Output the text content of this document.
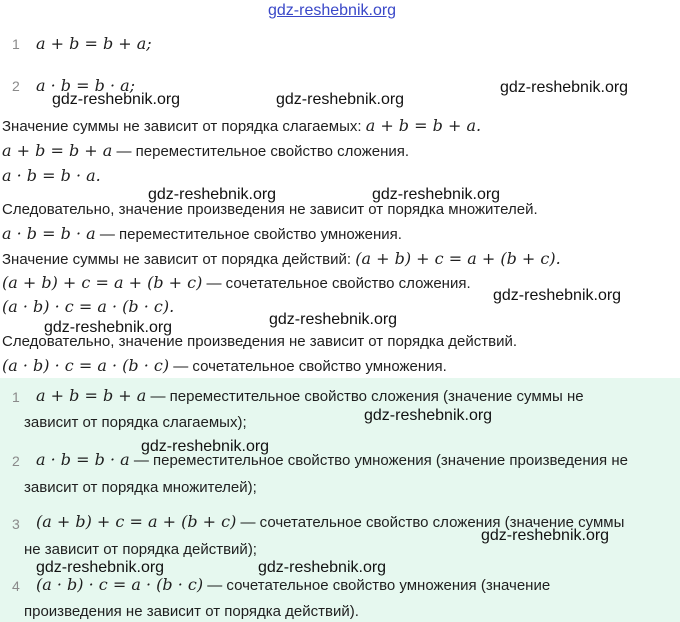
gdz-reshebnik.org
1 a + b = b + a;
2 a · b = b · a;
Значение суммы не зависит от порядка слагаемых: a + b = b + a.
a + b = b + a — переместительное свойство сложения.
a · b = b · a.
Следовательно, значение произведения не зависит от порядка множителей.
a · b = b · a — переместительное свойство умножения.
Значение суммы не зависит от порядка действий: (a + b) + c = a + (b + c).
(a + b) + c = a + (b + c) — сочетательное свойство сложения.
(a · b) · c = a · (b · c).
Следовательно, значение произведения не зависит от порядка действий.
(a · b) · c = a · (b · c) — сочетательное свойство умножения.
1 a + b = b + a — переместительное свойство сложения (значение суммы не
зависит от порядка слагаемых);
2 a · b = b · a — переместительное свойство умножения (значение произведения не
зависит от порядка множителей);
3 (a + b) + c = a + (b + c) — сочетательное свойство сложения (значение суммы
не зависит от порядка действий);
4 (a · b) · c = a · (b · c) — сочетательное свойство умножения (значение
произведения не зависит от порядка действий).
gdz-reshebnik.org
gdz-reshebnik.org	gdz-reshebnik.org
gdz-reshebnik.org	gdz-reshebnik.org
gdz-reshebnik.org
gdz-reshebnik.org	gdz-reshebnik.org
gdz-reshebnik.org
gdz-reshebnik.org
gdz-reshebnik.org
gdz-reshebnik.org	gdz-reshebnik.org
